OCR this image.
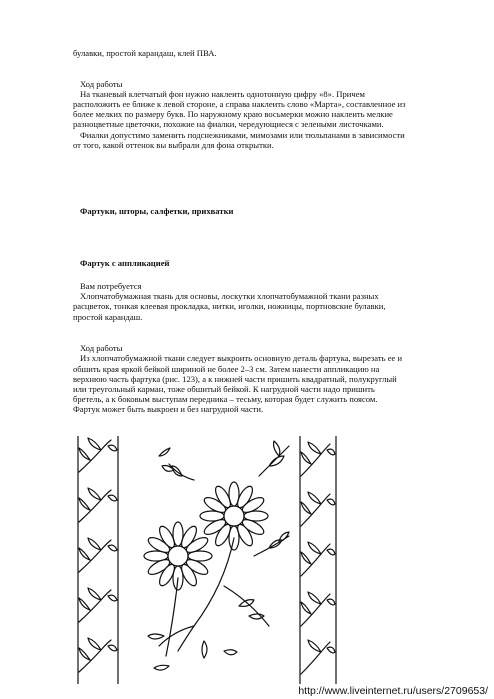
булавки, простой карандаш, клей ПВА.
Ход работы
На тканевый клетчатый фон нужно наклеить однотонную цифру «8». Причем
расположить ее ближе к левой стороне, а справа наклеить слово «Марта», составленное из
более мелких по размеру букв. По наружному краю восьмерки можно наклеить мелкие
разноцветные цветочки, похожие на фиалки, чередующиеся с зелеными листочками.
Фиалки допустимо заменить подснежниками, мимозами или тюльпанами в зависимости
от того, какой оттенок вы выбрали для фона открытки.
Фартуки, шторы, салфетки, прихватки
Фартук с аппликацией
Вам потребуется
Хлопчатобумажная ткань для основы, лоскутки хлопчатобумажной ткани разных
расцветок, тонкая клеевая прокладка, нитки, иголки, ножницы, портновские булавки,
простой карандаш.
Ход работы
Из хлопчатобумажной ткани следует выкроить основную деталь фартука, вырезать ее и
обшить края яркой бейкой шириной не более 2–3 см. Затем нанести аппликацию на
верхнюю часть фартука (рис. 123), а к нижней части пришить квадратный, полукруглый
или треугольный карман, тоже обшитый бейкой. К нагрудной части надо пришить
бретель, а к боковым выступам передника – тесьму, которая будет служить поясом.
Фартук может быть выкроен и без нагрудной части.
http://www.liveinternet.ru/users/2709653/
